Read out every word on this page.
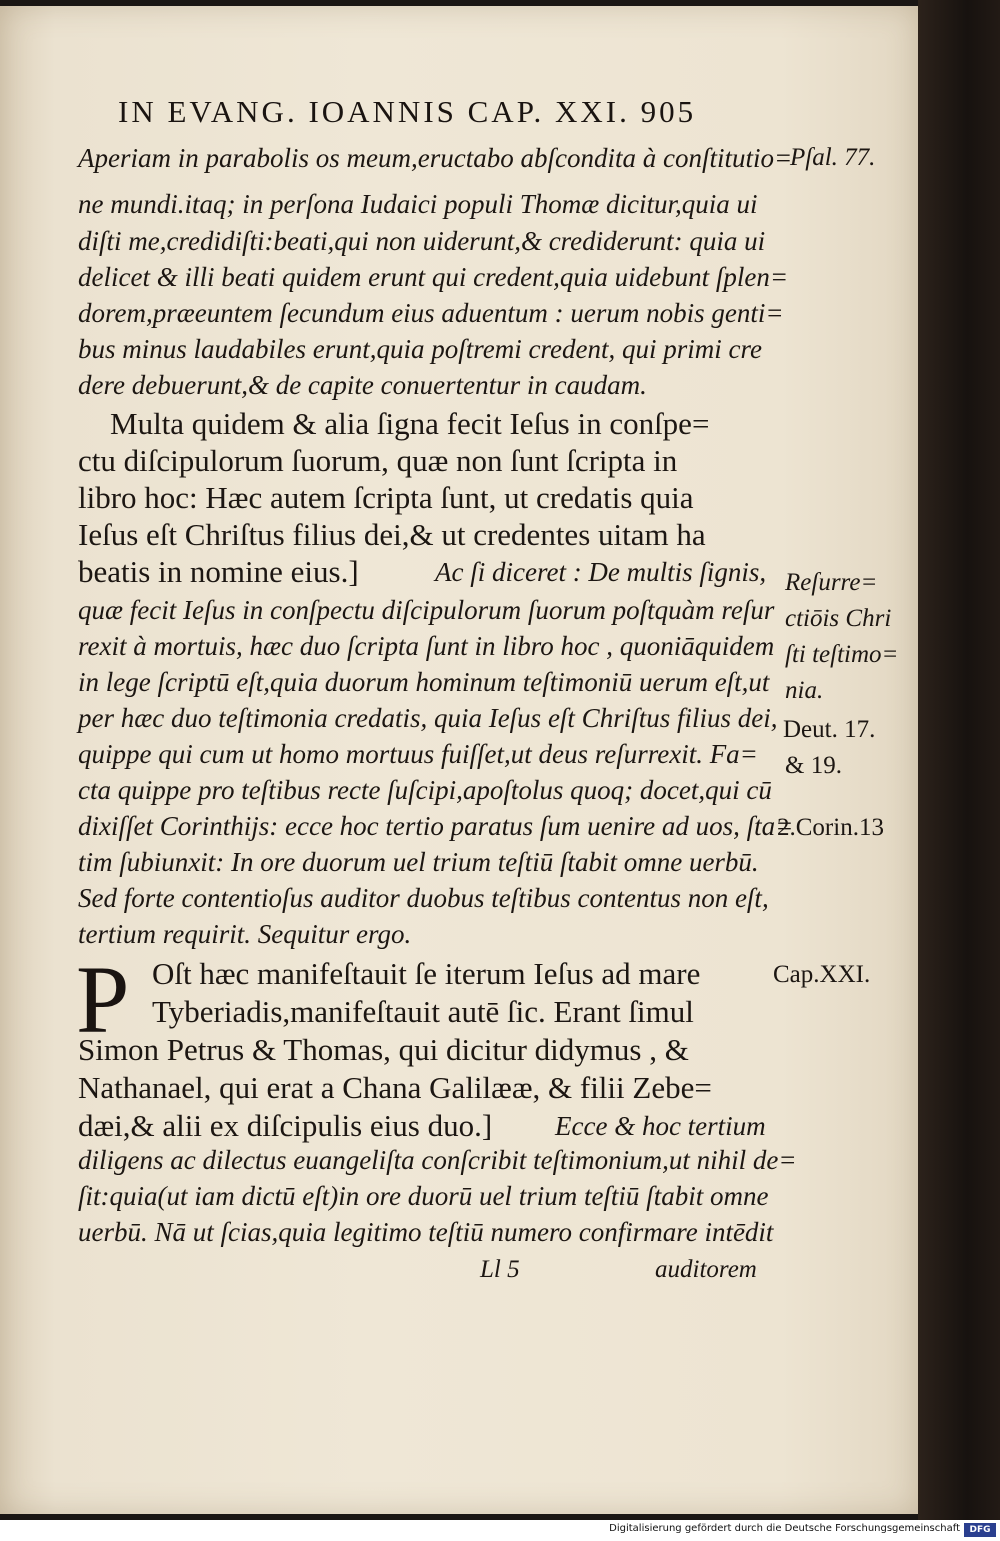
IN EVANG. IOANNIS CAP. XXI. 905
Aperiam in parabolis os meum,eructabo abſcondita à conſtitutio=
ne mundi.itaq; in perſona Iudaici populi Thomæ dicitur,quia ui
diſti me,credidiſti:beati,qui non uiderunt,& crediderunt: quia ui
delicet & illi beati quidem erunt qui credent,quia uidebunt ſplen=
dorem,præeuntem ſecundum eius aduentum : uerum nobis genti=
bus minus laudabiles erunt,quia poſtremi credent, qui primi cre
dere debuerunt,& de capite conuertentur in caudam.
Multa quidem & alia ſigna fecit Ieſus in conſpe=
ctu diſcipulorum ſuorum, quæ non ſunt ſcripta in
libro hoc: Hæc autem ſcripta ſunt, ut credatis quia
Ieſus eſt Chriſtus filius dei,& ut credentes uitam ha
beatis in nomine eius.]	Ac ſi diceret : De multis ſignis,
quæ fecit Ieſus in conſpectu diſcipulorum ſuorum poſtquàm reſur
rexit à mortuis, hæc duo ſcripta ſunt in libro hoc , quoniāquidem
in lege ſcriptū eſt,quia duorum hominum teſtimoniū uerum eſt,ut
per hæc duo teſtimonia credatis, quia Ieſus eſt Chriſtus filius dei,
quippe qui cum ut homo mortuus fuiſſet,ut deus reſurrexit. Fa=
cta quippe pro teſtibus recte ſuſcipi,apoſtolus quoq; docet,qui cū
dixiſſet Corinthijs: ecce hoc tertio paratus ſum uenire ad uos, ſta=
tim ſubiunxit: In ore duorum uel trium teſtiū ſtabit omne uerbū.
Sed forte contentioſus auditor duobus teſtibus contentus non eſt,
tertium requirit. Sequitur ergo.
P Oſt hæc manifeſtauit ſe iterum Ieſus ad mare
Tyberiadis,manifeſtauit autē ſic. Erant ſimul
Simon Petrus & Thomas, qui dicitur didymus , &
Nathanael, qui erat a Chana Galilææ, & filii Zebe=
dæi,& alii ex diſcipulis eius duo.] Ecce & hoc tertium
diligens ac dilectus euangeliſta conſcribit teſtimonium,ut nihil de=
ſit:quia(ut iam dictū eſt)in ore duorū uel trium teſtiū ſtabit omne
uerbū. Nā ut ſcias,quia legitimo teſtiū numero confirmare intēdit
Ll 5	auditorem
Pſal. 77.
Reſurre=
ctiōis Chri
ſti teſtimo=
nia.
Deut. 17.
& 19.
2.Corin.13
Cap.XXI.
Digitalisierung gefördert durch die Deutsche Forschungsgemeinschaft	DFG
